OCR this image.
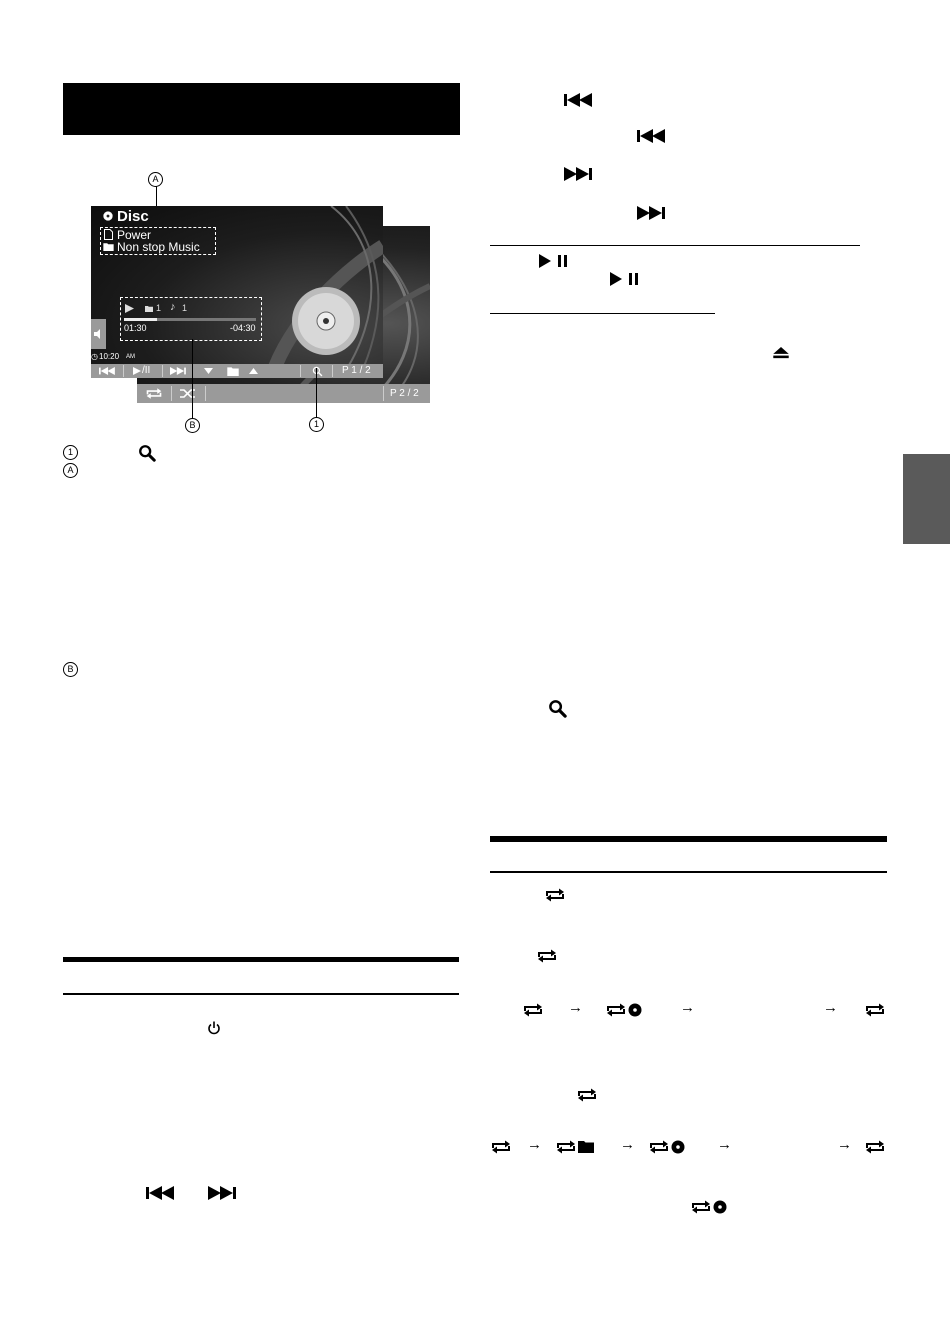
A
P 2 / 2
Disc
Power
Non stop Music
1 ♪ 1
01:30	-04:30
◷ 10:20 AM
/II	P 1 / 2
B	1
1
A
B
→	→	→
→	→	→	→
